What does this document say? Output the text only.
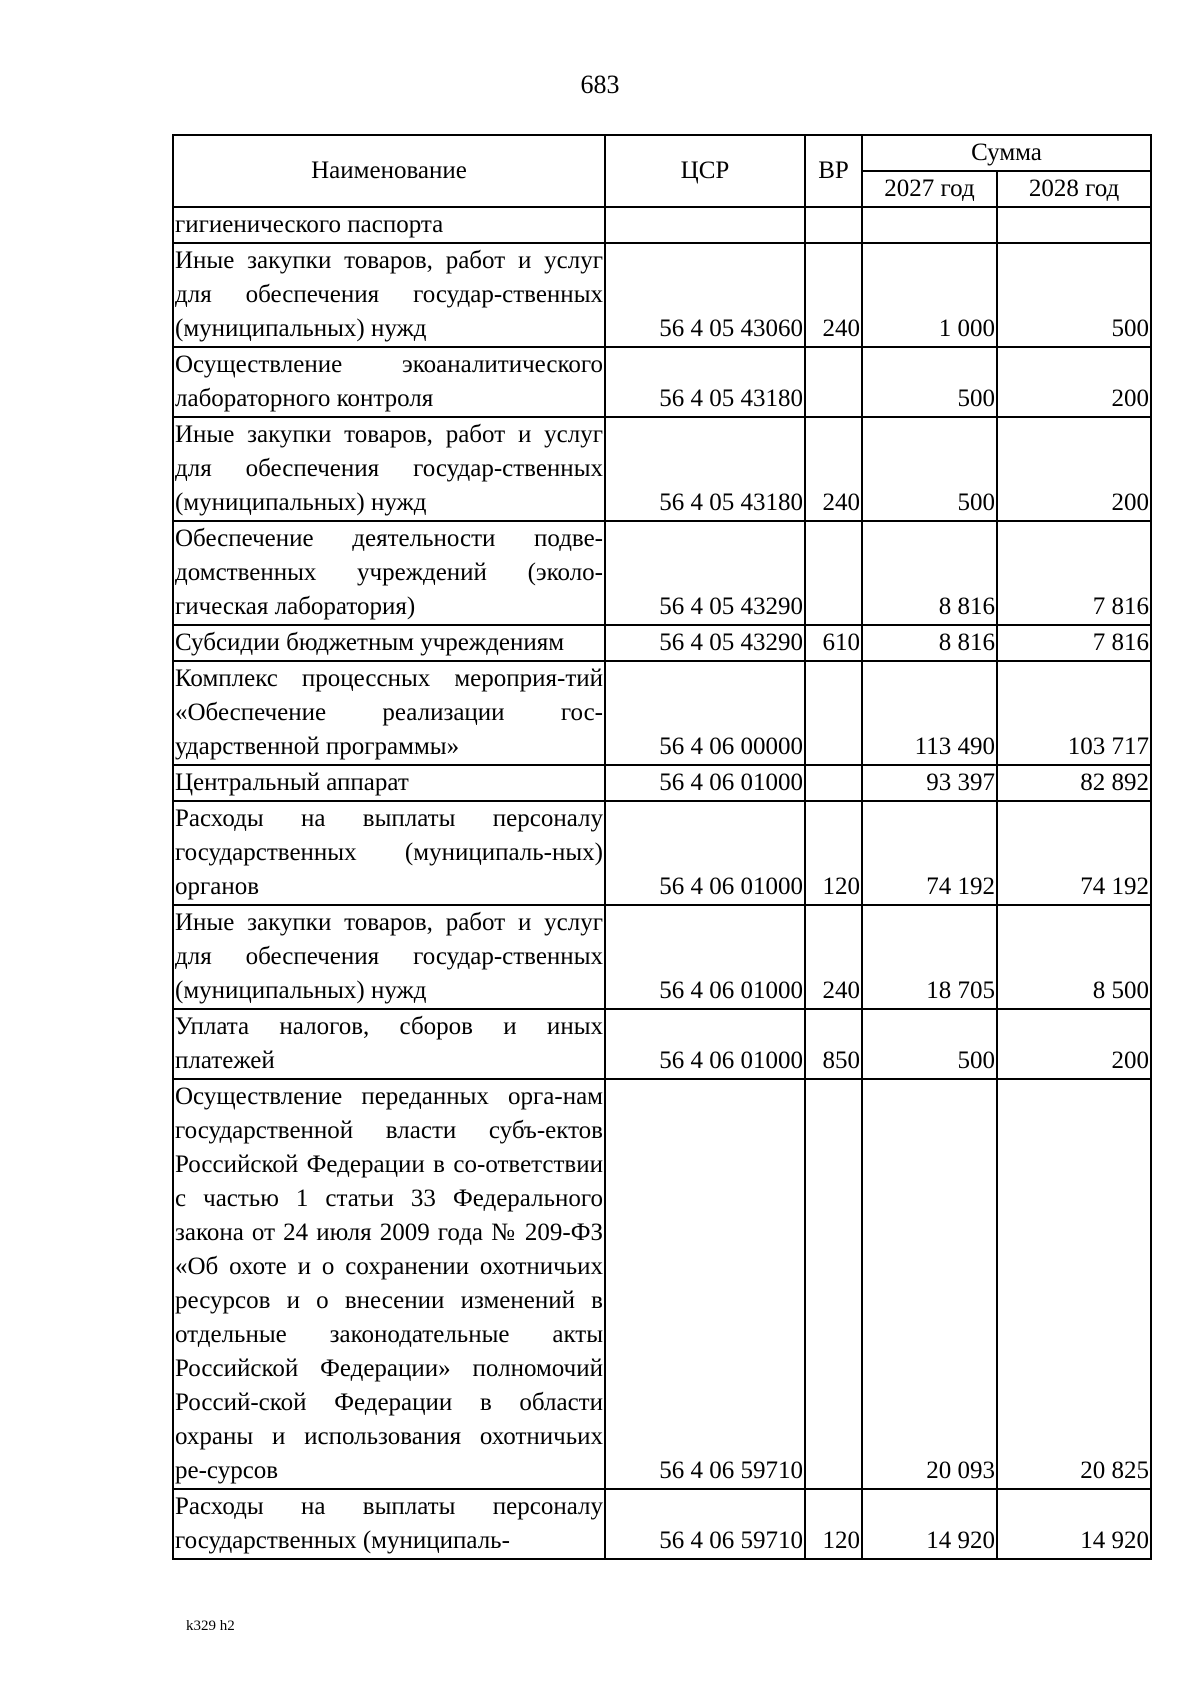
683
Наименование	ЦСР	ВР	Сумма	
			2027 год	2028 год
гигиенического паспорта				
Иные закупки товаров, работ и услуг для обеспечения государ-ственных (муниципальных) нужд	56 4 05 43060	240	1 000	500
Осуществление экоаналитического лабораторного контроля	56 4 05 43180		500	200
Иные закупки товаров, работ и услуг для обеспечения государ-ственных (муниципальных) нужд	56 4 05 43180	240	500	200
Обеспечение деятельности подве-домственных учреждений (эколо-гическая лаборатория)	56 4 05 43290		8 816	7 816
Субсидии бюджетным учреждениям	56 4 05 43290	610	8 816	7 816
Комплекс процессных мероприя-тий «Обеспечение реализации гос-ударственной программы»	56 4 06 00000		113 490	103 717
Центральный аппарат	56 4 06 01000		93 397	82 892
Расходы на выплаты персоналу государственных (муниципаль-ных) органов	56 4 06 01000	120	74 192	74 192
Иные закупки товаров, работ и услуг для обеспечения государ-ственных (муниципальных) нужд	56 4 06 01000	240	18 705	8 500
Уплата налогов, сборов и иных платежей	56 4 06 01000	850	500	200
Осуществление переданных орга-нам государственной власти субъ-ектов Российской Федерации в со-ответствии с частью 1 статьи 33 Федерального закона от 24 июля 2009 года № 209-ФЗ «Об охоте и о сохранении охотничьих ресурсов и о внесении изменений в отдельные законодательные акты Российской Федерации» полномочий Россий-ской Федерации в области охраны и использования охотничьих ре-сурсов	56 4 06 59710		20 093	20 825
Расходы на выплаты персоналу государственных (муниципаль-	56 4 06 59710	120	14 920	14 920
k329 h2
